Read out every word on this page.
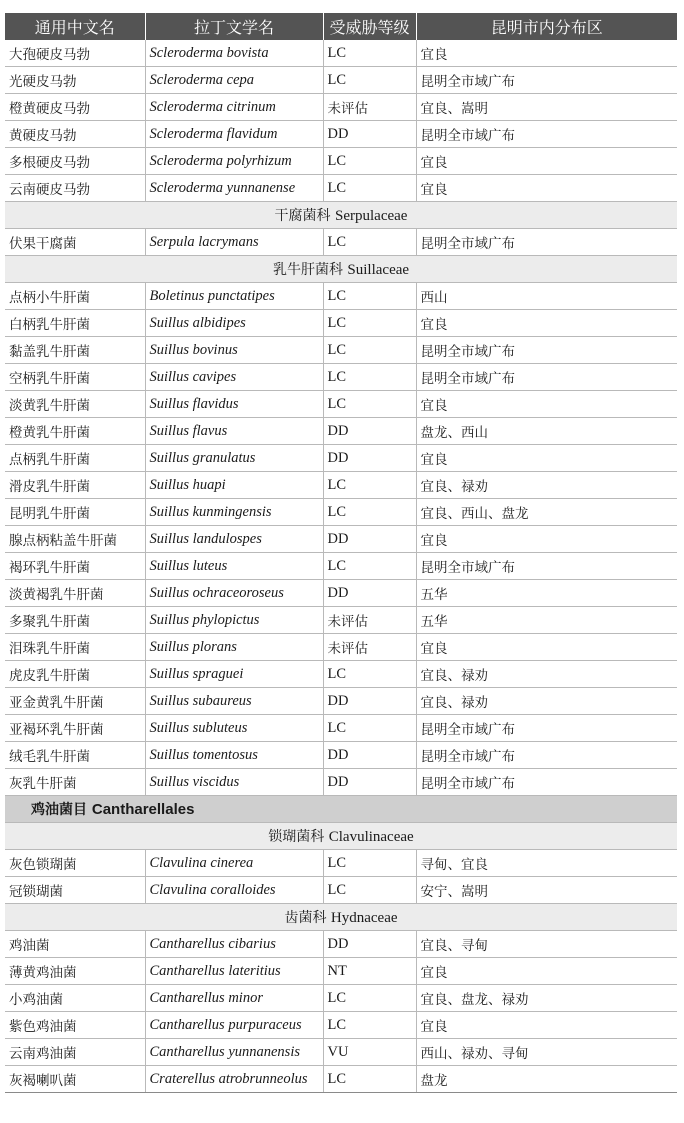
通用中文名	拉丁文学名	受威胁等级	昆明市内分布区
大孢硬皮马勃	Scleroderma bovista	LC	宜良
光硬皮马勃	Scleroderma cepa	LC	昆明全市域广布
橙黄硬皮马勃	Scleroderma citrinum	未评估	宜良、嵩明
黄硬皮马勃	Scleroderma flavidum	DD	昆明全市域广布
多根硬皮马勃	Scleroderma polyrhizum	LC	宜良
云南硬皮马勃	Scleroderma yunnanense	LC	宜良
干腐菌科 Serpulaceae			
伏果干腐菌	Serpula lacrymans	LC	昆明全市域广布
乳牛肝菌科 Suillaceae			
点柄小牛肝菌	Boletinus punctatipes	LC	西山
白柄乳牛肝菌	Suillus albidipes	LC	宜良
黏盖乳牛肝菌	Suillus bovinus	LC	昆明全市域广布
空柄乳牛肝菌	Suillus cavipes	LC	昆明全市域广布
淡黄乳牛肝菌	Suillus flavidus	LC	宜良
橙黄乳牛肝菌	Suillus flavus	DD	盘龙、西山
点柄乳牛肝菌	Suillus granulatus	DD	宜良
滑皮乳牛肝菌	Suillus huapi	LC	宜良、禄劝
昆明乳牛肝菌	Suillus kunmingensis	LC	宜良、西山、盘龙
腺点柄粘盖牛肝菌	Suillus landulospes	DD	宜良
褐环乳牛肝菌	Suillus luteus	LC	昆明全市域广布
淡黄褐乳牛肝菌	Suillus ochraceoroseus	DD	五华
多聚乳牛肝菌	Suillus phylopictus	未评估	五华
泪珠乳牛肝菌	Suillus plorans	未评估	宜良
虎皮乳牛肝菌	Suillus spraguei	LC	宜良、禄劝
亚金黄乳牛肝菌	Suillus subaureus	DD	宜良、禄劝
亚褐环乳牛肝菌	Suillus subluteus	LC	昆明全市域广布
绒毛乳牛肝菌	Suillus tomentosus	DD	昆明全市域广布
灰乳牛肝菌	Suillus viscidus	DD	昆明全市域广布
鸡油菌目 Cantharellales			
锁瑚菌科 Clavulinaceae			
灰色锁瑚菌	Clavulina cinerea	LC	寻甸、宜良
冠锁瑚菌	Clavulina coralloides	LC	安宁、嵩明
齿菌科 Hydnaceae			
鸡油菌	Cantharellus cibarius	DD	宜良、寻甸
薄黄鸡油菌	Cantharellus lateritius	NT	宜良
小鸡油菌	Cantharellus minor	LC	宜良、盘龙、禄劝
紫色鸡油菌	Cantharellus purpuraceus	LC	宜良
云南鸡油菌	Cantharellus yunnanensis	VU	西山、禄劝、寻甸
灰褐喇叭菌	Craterellus atrobrunneolus	LC	盘龙
